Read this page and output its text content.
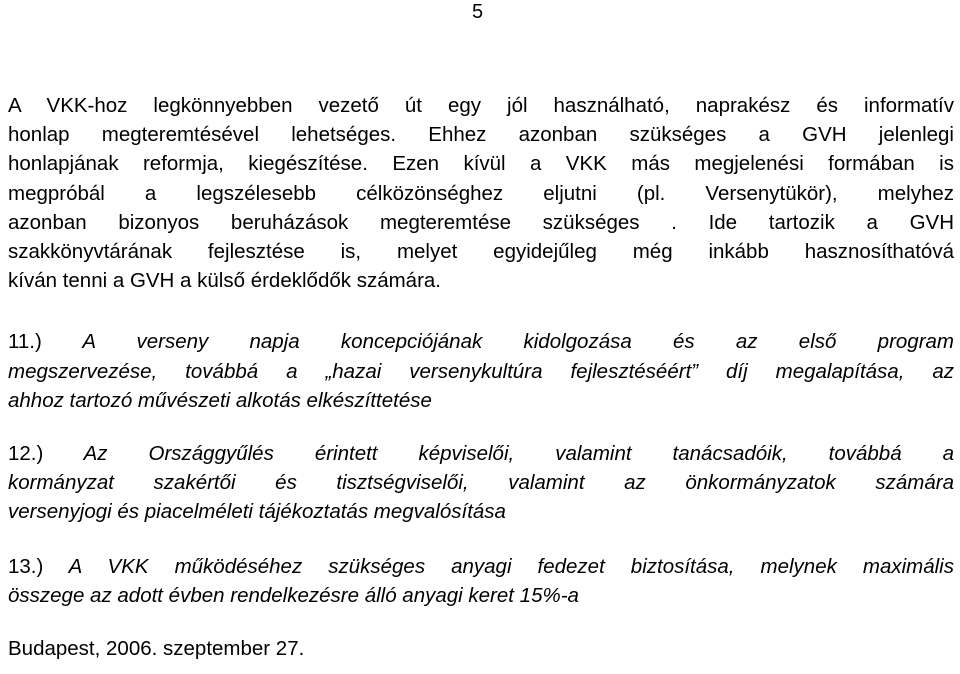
5

A VKK-hoz legkönnyebben vezető út egy jól használható, naprakész és informatív
honlap megteremtésével lehetséges. Ehhez azonban szükséges a GVH jelenlegi
honlapjának reformja, kiegészítése. Ezen kívül a VKK más megjelenési formában is
megpróbál a legszélesebb célközönséghez eljutni (pl. Versenytükör), melyhez
azonban bizonyos beruházások megteremtése szükséges . Ide tartozik a GVH
szakkönyvtárának fejlesztése is, melyet egyidejűleg még inkább hasznosíthatóvá
kíván tenni a GVH a külső érdeklődők számára.

11.) A verseny napja koncepciójának kidolgozása és az első program
megszervezése, továbbá a „hazai versenykultúra fejlesztéséért” díj megalapítása, az
ahhoz tartozó művészeti alkotás elkészíttetése

12.) Az Országgyűlés érintett képviselői, valamint tanácsadóik, továbbá a
kormányzat szakértői és tisztségviselői, valamint az önkormányzatok számára
versenyjogi és piacelméleti tájékoztatás megvalósítása

13.) A VKK működéséhez szükséges anyagi fedezet biztosítása, melynek maximális
összege az adott évben rendelkezésre álló anyagi keret 15%-a

Budapest, 2006. szeptember 27.
